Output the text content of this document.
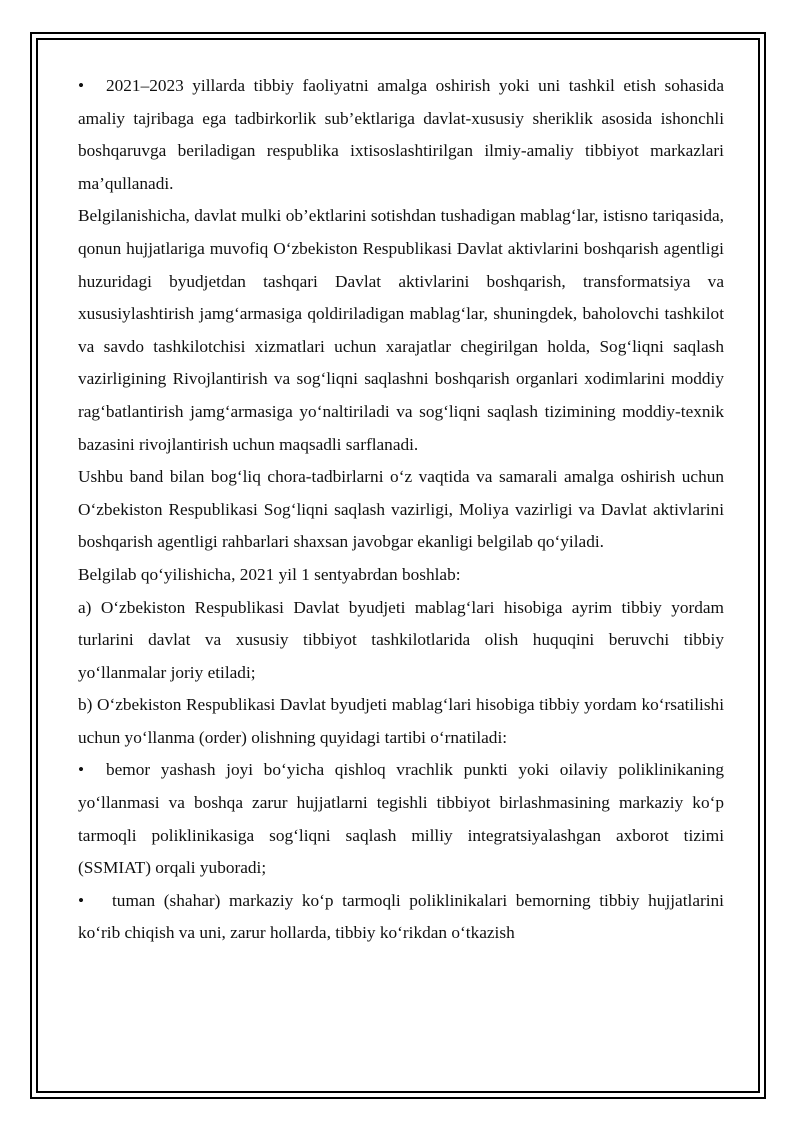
• 2021–2023 yillarda tibbiy faoliyatni amalga oshirish yoki uni tashkil etish sohasida amaliy tajribaga ega tadbirkorlik sub’ektlariga davlat-xususiy sheriklik asosida ishonchli boshqaruvga beriladigan respublika ixtisoslashtirilgan ilmiy-amaliy tibbiyot markazlari ma’qullanadi.

Belgilanishicha, davlat mulki ob’ektlarini sotishdan tushadigan mablag‘lar, istisno tariqasida, qonun hujjatlariga muvofiq O‘zbekiston Respublikasi Davlat aktivlarini boshqarish agentligi huzuridagi byudjetdan tashqari Davlat aktivlarini boshqarish, transformatsiya va xususiylashtirish jamg‘armasiga qoldiriladigan mablag‘lar, shuningdek, baholovchi tashkilot va savdo tashkilotchisi xizmatlari uchun xarajatlar chegirilgan holda, Sog‘liqni saqlash vazirligining Rivojlantirish va sog‘liqni saqlashni boshqarish organlari xodimlarini moddiy rag‘batlantirish jamg‘armasiga yo‘naltiriladi va sog‘liqni saqlash tizimining moddiy-texnik bazasini rivojlantirish uchun maqsadli sarflanadi.

Ushbu band bilan bog‘liq chora-tadbirlarni o‘z vaqtida va samarali amalga oshirish uchun O‘zbekiston Respublikasi Sog‘liqni saqlash vazirligi, Moliya vazirligi va Davlat aktivlarini boshqarish agentligi rahbarlari shaxsan javobgar ekanligi belgilab qo‘yiladi.

Belgilab qo‘yilishicha, 2021 yil 1 sentyabrdan boshlab:

a) O‘zbekiston Respublikasi Davlat byudjeti mablag‘lari hisobiga ayrim tibbiy yordam turlarini davlat va xususiy tibbiyot tashkilotlarida olish huquqini beruvchi tibbiy yo‘llanmalar joriy etiladi;

b) O‘zbekiston Respublikasi Davlat byudjeti mablag‘lari hisobiga tibbiy yordam ko‘rsatilishi uchun yo‘llanma (order) olishning quyidagi tartibi o‘rnatiladi:

• bemor yashash joyi bo‘yicha qishloq vrachlik punkti yoki oilaviy poliklinikaning yo‘llanmasi va boshqa zarur hujjatlarni tegishli tibbiyot birlashmasining markaziy ko‘p tarmoqli poliklinikasiga sog‘liqni saqlash milliy integratsiyalashgan axborot tizimi (SSMIAT) orqali yuboradi;

• tuman (shahar) markaziy ko‘p tarmoqli poliklinikalari bemorning tibbiy hujjatlarini ko‘rib chiqish va uni, zarur hollarda, tibbiy ko‘rikdan o‘tkazish
